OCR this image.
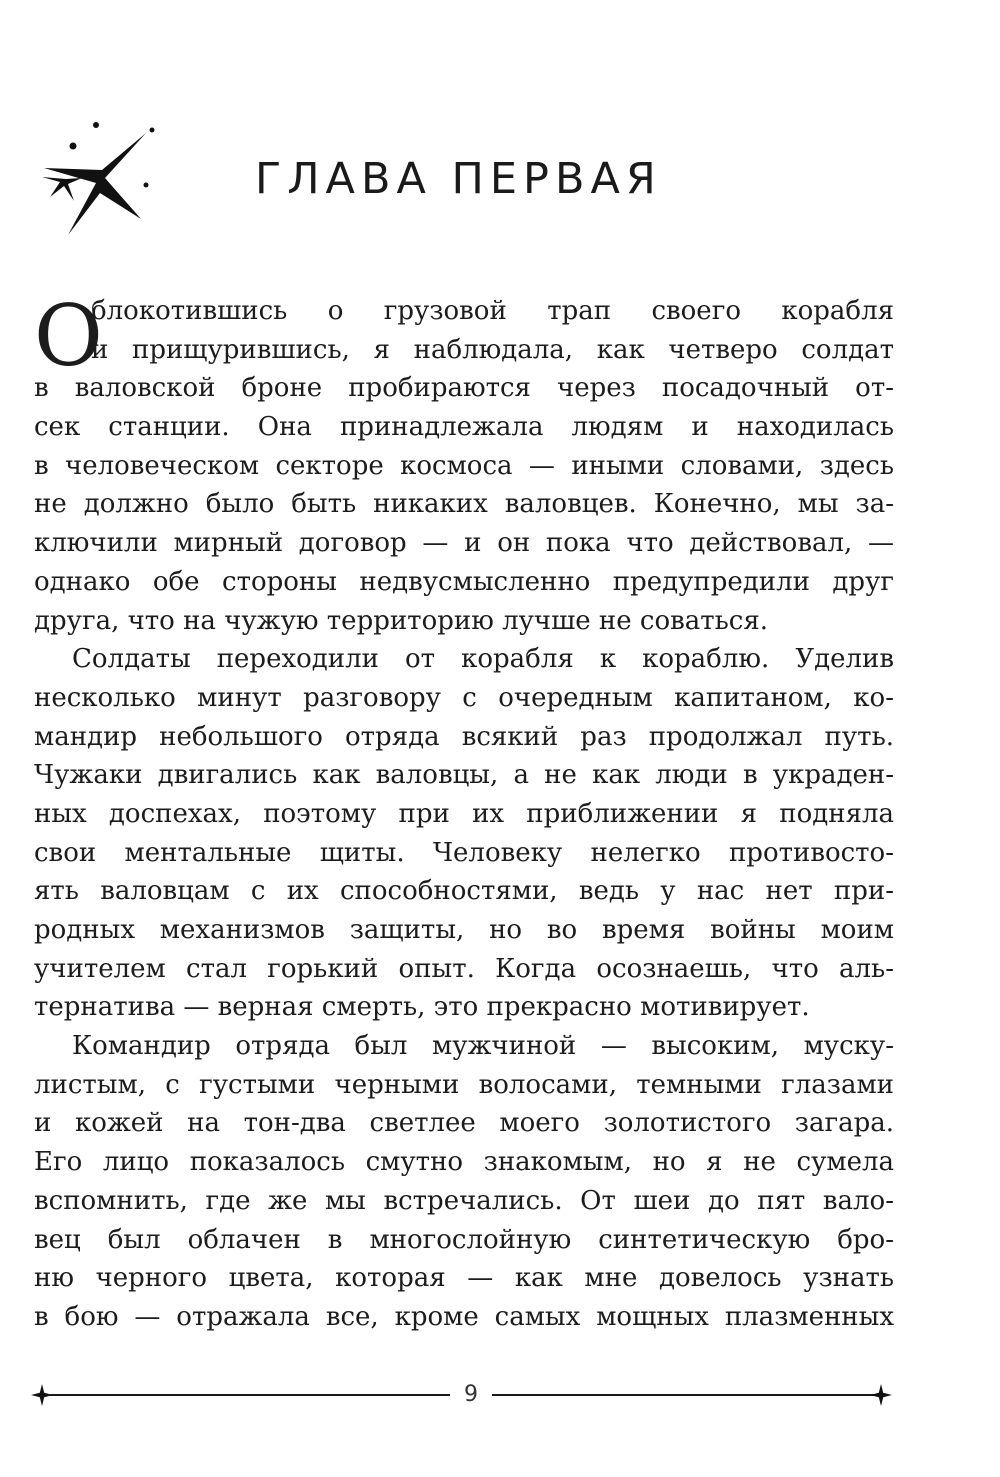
ГЛАВА ПЕРВАЯ
О

блокотившись о грузовой трап своего корабля
и прищурившись, я наблюдала, как четверо солдат
в валовской броне пробираются через посадочный от-
сек станции. Она принадлежала людям и находилась
в человеческом секторе космоса — иными словами, здесь
не должно было быть никаких валовцев. Конечно, мы за-
ключили мирный договор — и он пока что действовал, —
однако обе стороны недвусмысленно предупредили друг
друга, что на чужую территорию лучше не соваться.

Солдаты переходили от корабля к кораблю. Уделив
несколько минут разговору с очередным капитаном, ко-
мандир небольшого отряда всякий раз продолжал путь.
Чужаки двигались как валовцы, а не как люди в украден-
ных доспехах, поэтому при их приближении я подняла
свои ментальные щиты. Человеку нелегко противосто-
ять валовцам с их способностями, ведь у нас нет при-
родных механизмов защиты, но во время войны моим
учителем стал горький опыт. Когда осознаешь, что аль-
тернатива — верная смерть, это прекрасно мотивирует.

Командир отряда был мужчиной — высоким, муску-
листым, с густыми черными волосами, темными глазами
и кожей на тон-два светлее моего золотистого загара.
Его лицо показалось смутно знакомым, но я не сумела
вспомнить, где же мы встречались. От шеи до пят вало-
вец был облачен в многослойную синтетическую бро-
ню черного цвета, которая — как мне довелось узнать
в бою — отражала все, кроме самых мощных плазменных

9
